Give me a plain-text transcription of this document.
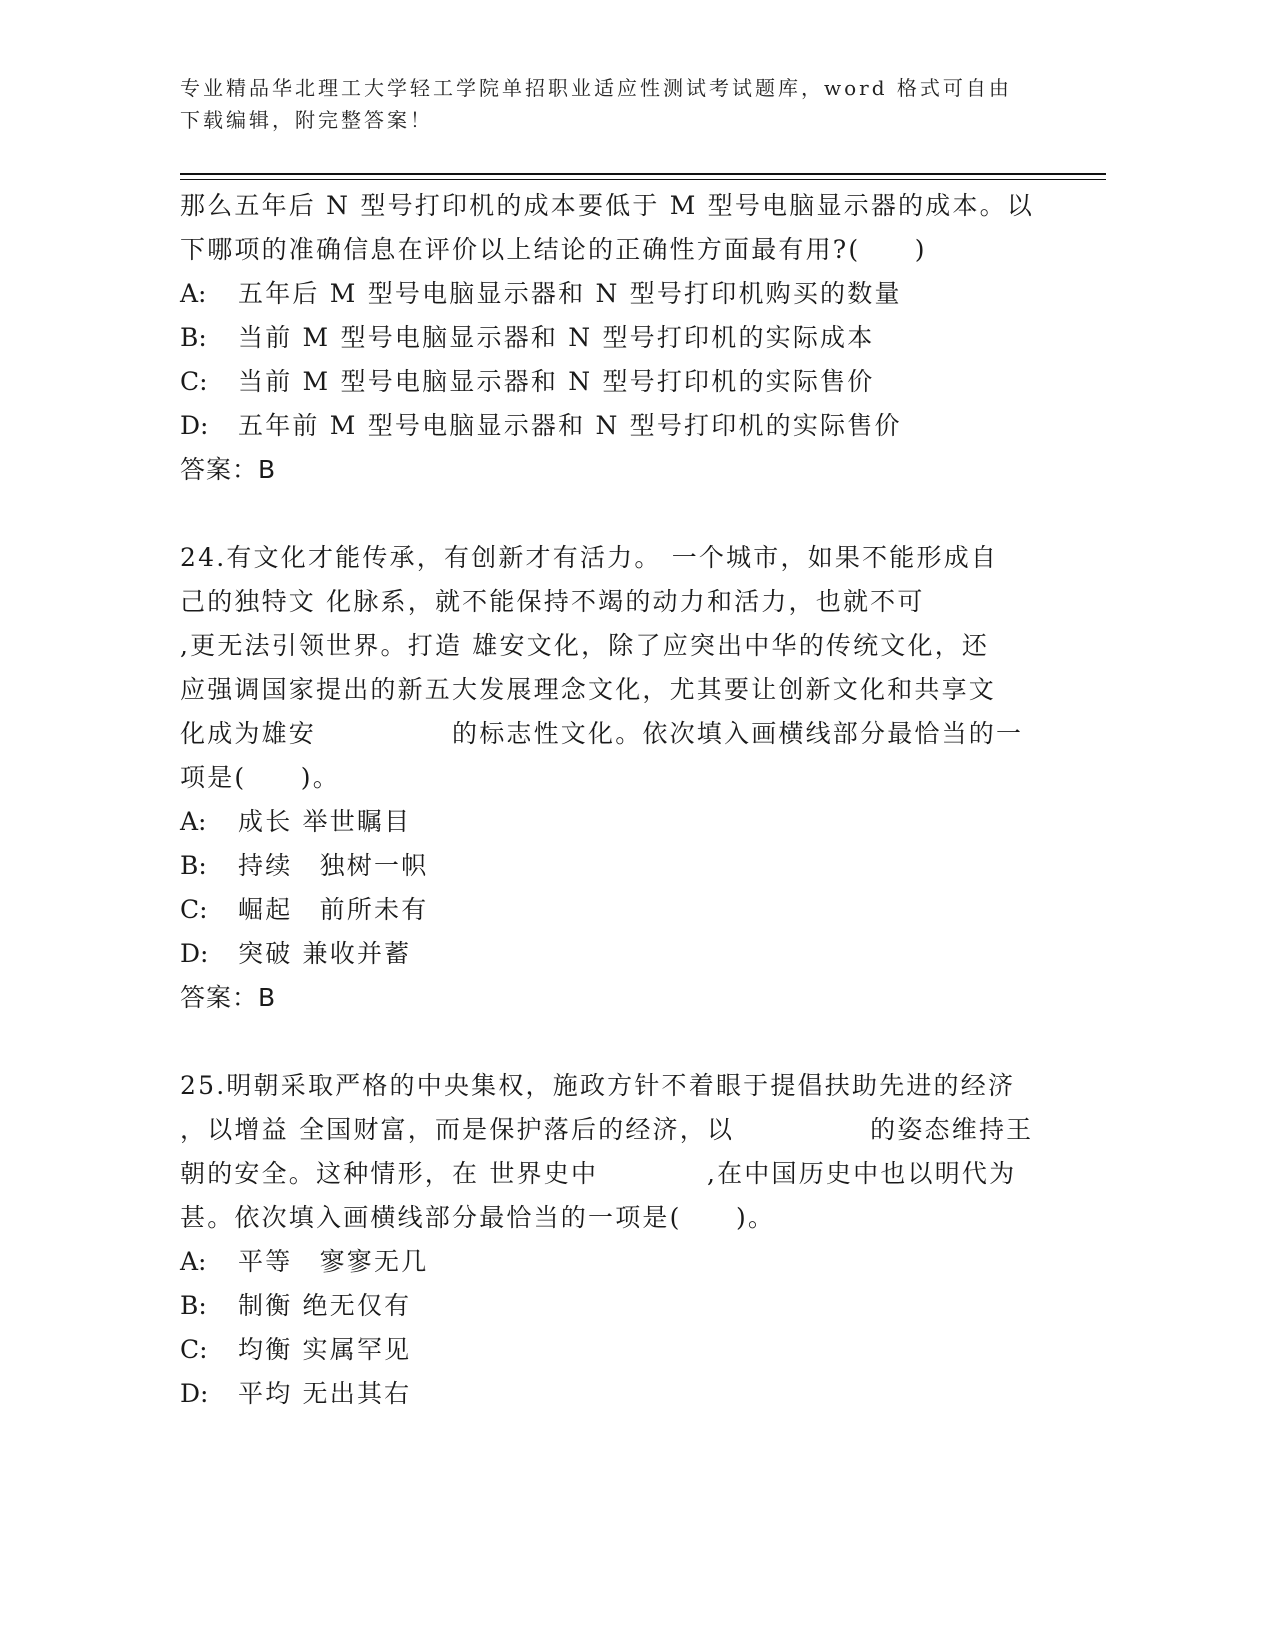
专业精品华北理工大学轻工学院单招职业适应性测试考试题库，word 格式可自由
下载编辑，附完整答案！

那么五年后 N 型号打印机的成本要低于 M 型号电脑显示器的成本。以

下哪项的准确信息在评价以上结论的正确性方面最有用?(　　)

A:	五年后 M 型号电脑显示器和 N 型号打印机购买的数量
B:	当前 M 型号电脑显示器和 N 型号打印机的实际成本
C:	当前 M 型号电脑显示器和 N 型号打印机的实际售价
D:	五年前 M 型号电脑显示器和 N 型号打印机的实际售价

答案：B

24.有文化才能传承，有创新才有活力。 一个城市，如果不能形成自

己的独特文 化脉系，就不能保持不竭的动力和活力，也就不可

,更无法引领世界。打造 雄安文化，除了应突出中华的传统文化，还

应强调国家提出的新五大发展理念文化，尤其要让创新文化和共享文

化成为雄安　　　　　的标志性文化。依次填入画横线部分最恰当的一

项是(　　)。

A:	成长 举世瞩目
B:	持续　独树一帜
C:	崛起　前所未有
D:	突破 兼收并蓄

答案：B

25.明朝采取严格的中央集权，施政方针不着眼于提倡扶助先进的经济

，以增益 全国财富，而是保护落后的经济，以　　　　　的姿态维持王

朝的安全。这种情形，在 世界史中　　　　,在中国历史中也以明代为

甚。依次填入画横线部分最恰当的一项是(　　)。

A:	平等　寥寥无几
B:	制衡 绝无仅有
C:	均衡 实属罕见
D:	平均 无出其右
